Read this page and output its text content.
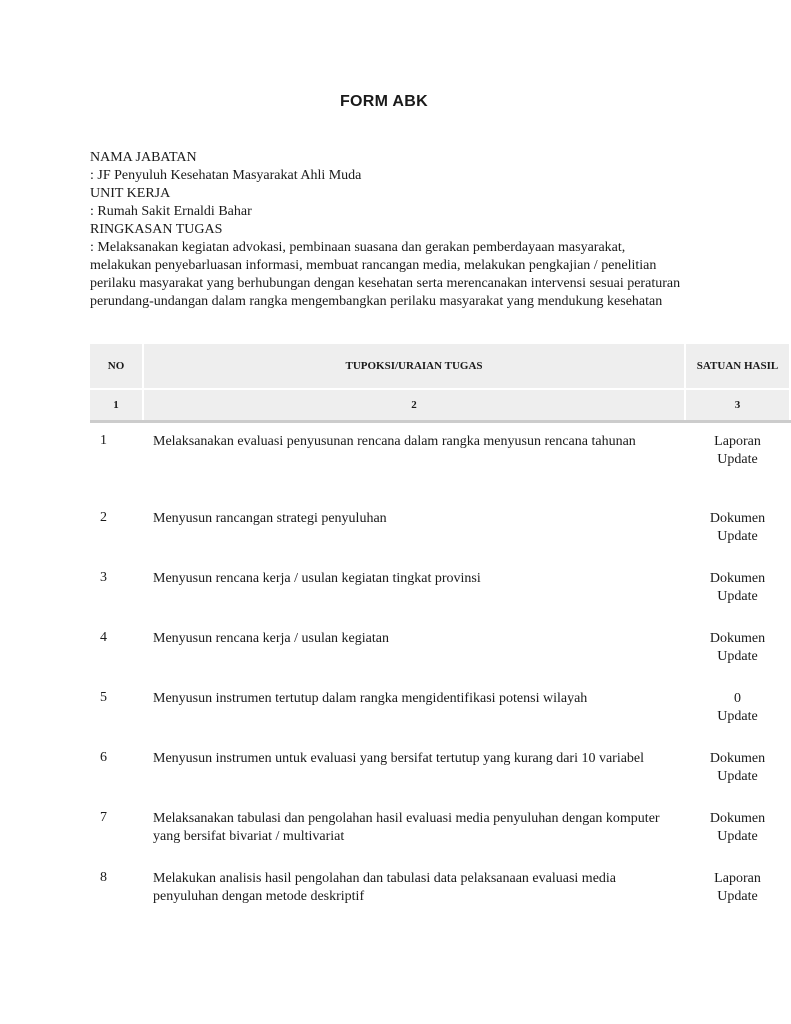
FORM ABK
NAMA JABATAN
: JF Penyuluh Kesehatan Masyarakat Ahli Muda
UNIT KERJA
: Rumah Sakit Ernaldi Bahar
RINGKASAN TUGAS
: Melaksanakan kegiatan advokasi, pembinaan suasana dan gerakan pemberdayaan masyarakat, melakukan penyebarluasan informasi, membuat rancangan media, melakukan pengkajian / penelitian perilaku masyarakat yang berhubungan dengan kesehatan serta merencanakan intervensi sesuai peraturan perundang-undangan dalam rangka mengembangkan perilaku masyarakat yang mendukung kesehatan
NO	TUPOKSI/URAIAN TUGAS	SATUAN HASIL
1	2	3
1	Melaksanakan evaluasi penyusunan rencana dalam rangka menyusun rencana tahunan	Laporan
Update

2	Menyusun rancangan strategi penyuluhan	Dokumen
Update

3	Menyusun rencana kerja / usulan kegiatan tingkat provinsi	Dokumen
Update

4	Menyusun rencana kerja / usulan kegiatan	Dokumen
Update

5	Menyusun instrumen tertutup dalam rangka mengidentifikasi potensi wilayah	0
Update

6	Menyusun instrumen untuk evaluasi yang bersifat tertutup yang kurang dari 10 variabel	Dokumen
Update

7	Melaksanakan tabulasi dan pengolahan hasil evaluasi media penyuluhan dengan komputer yang bersifat bivariat / multivariat	Dokumen
Update

8	Melakukan analisis hasil pengolahan dan tabulasi data pelaksanaan evaluasi media penyuluhan dengan metode deskriptif	Laporan
Update
